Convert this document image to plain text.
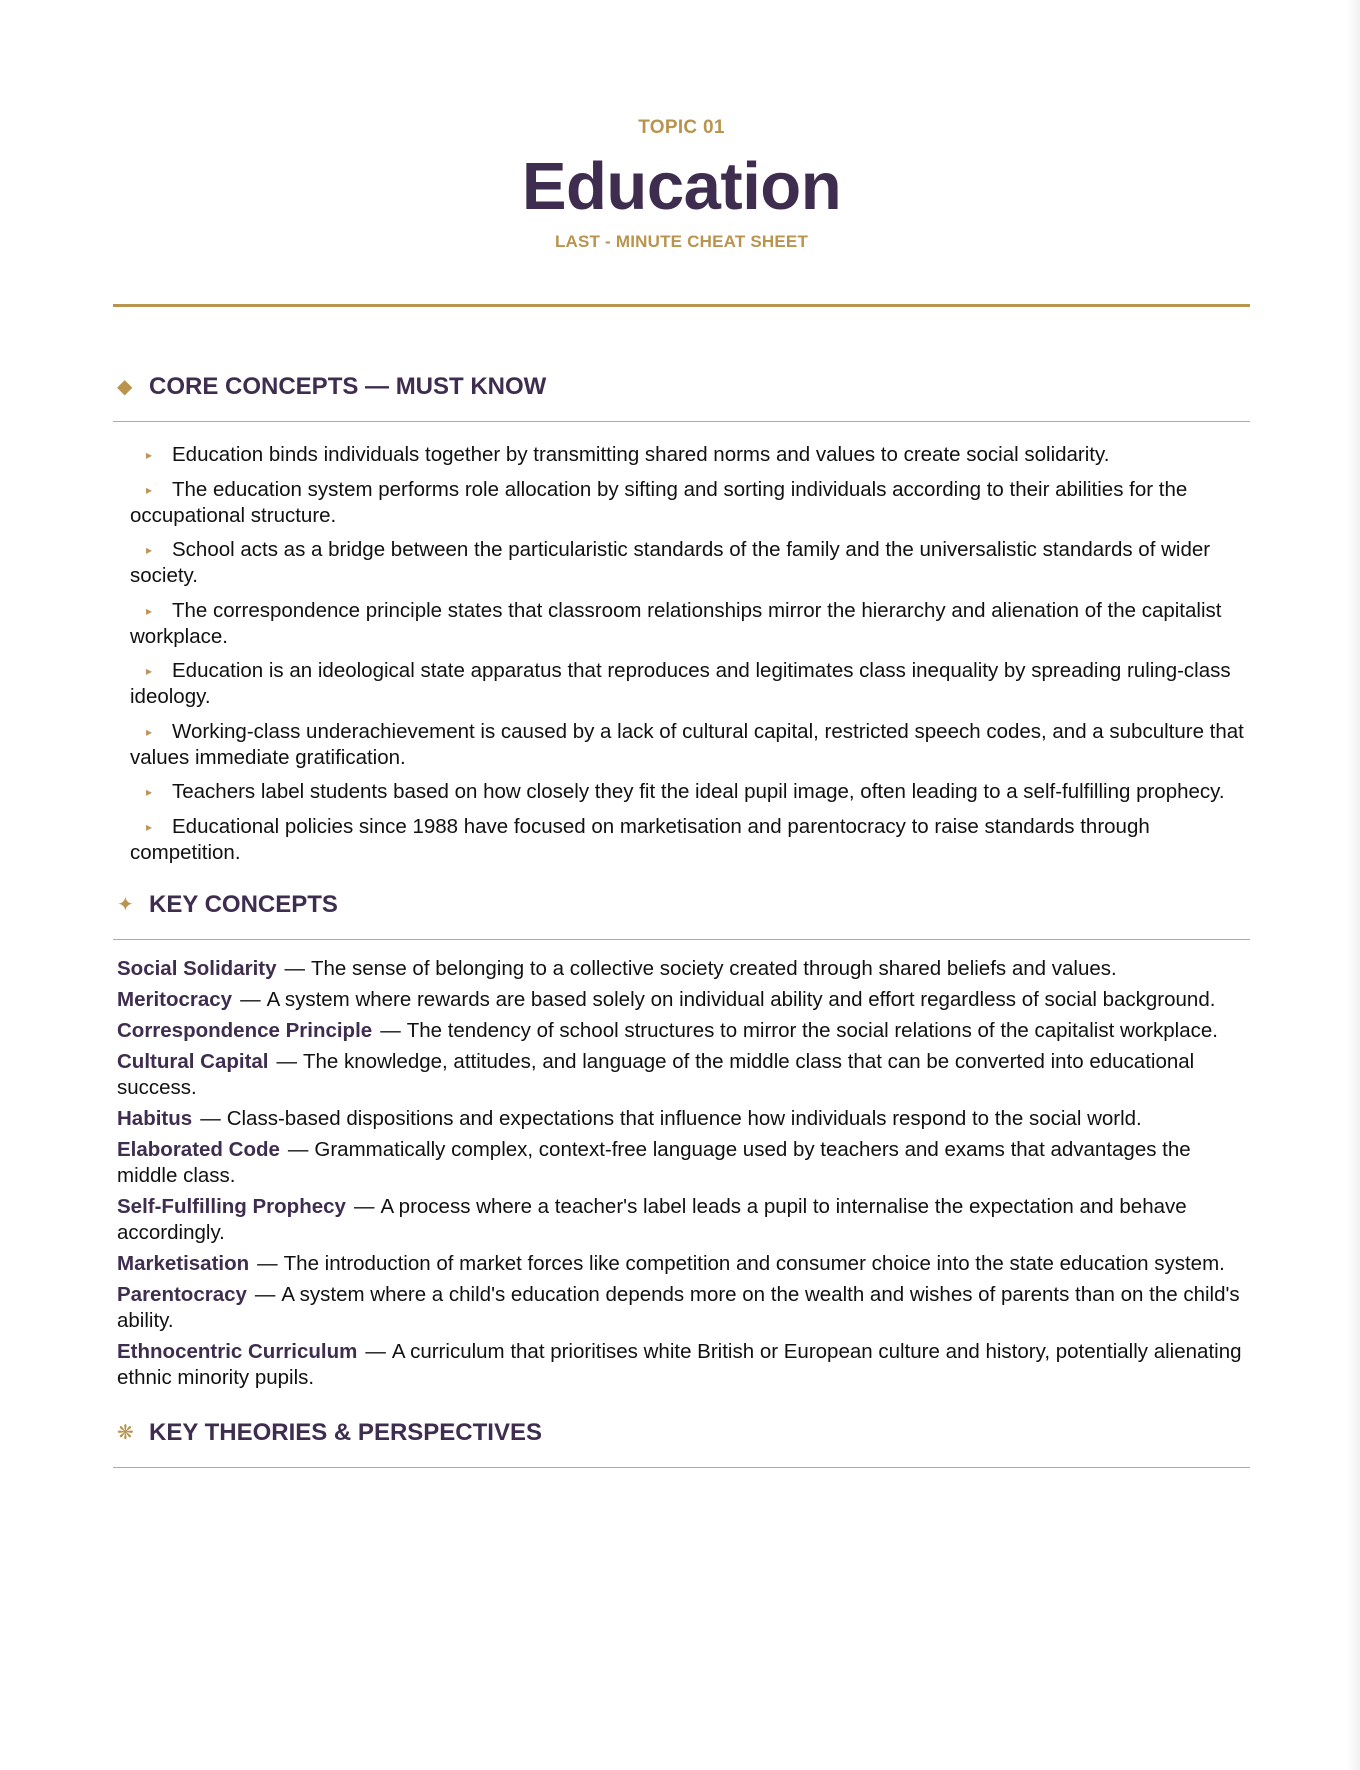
TOPIC 01
Education
LAST - MINUTE CHEAT SHEET
◆ CORE CONCEPTS — MUST KNOW
▸ Education binds individuals together by transmitting shared norms and values to create social solidarity.
▸ The education system performs role allocation by sifting and sorting individuals according to their abilities for the occupational structure.
▸ School acts as a bridge between the particularistic standards of the family and the universalistic standards of wider society.
▸ The correspondence principle states that classroom relationships mirror the hierarchy and alienation of the capitalist workplace.
▸ Education is an ideological state apparatus that reproduces and legitimates class inequality by spreading ruling-class ideology.
▸ Working-class underachievement is caused by a lack of cultural capital, restricted speech codes, and a subculture that values immediate gratification.
▸ Teachers label students based on how closely they fit the ideal pupil image, often leading to a self-fulfilling prophecy.
▸ Educational policies since 1988 have focused on marketisation and parentocracy to raise standards through competition.
✦ KEY CONCEPTS
Social Solidarity — The sense of belonging to a collective society created through shared beliefs and values.
Meritocracy — A system where rewards are based solely on individual ability and effort regardless of social background.
Correspondence Principle — The tendency of school structures to mirror the social relations of the capitalist workplace.
Cultural Capital — The knowledge, attitudes, and language of the middle class that can be converted into educational success.
Habitus — Class-based dispositions and expectations that influence how individuals respond to the social world.
Elaborated Code — Grammatically complex, context-free language used by teachers and exams that advantages the middle class.
Self-Fulfilling Prophecy — A process where a teacher's label leads a pupil to internalise the expectation and behave accordingly.
Marketisation — The introduction of market forces like competition and consumer choice into the state education system.
Parentocracy — A system where a child's education depends more on the wealth and wishes of parents than on the child's ability.
Ethnocentric Curriculum — A curriculum that prioritises white British or European culture and history, potentially alienating ethnic minority pupils.
❋ KEY THEORIES & PERSPECTIVES
